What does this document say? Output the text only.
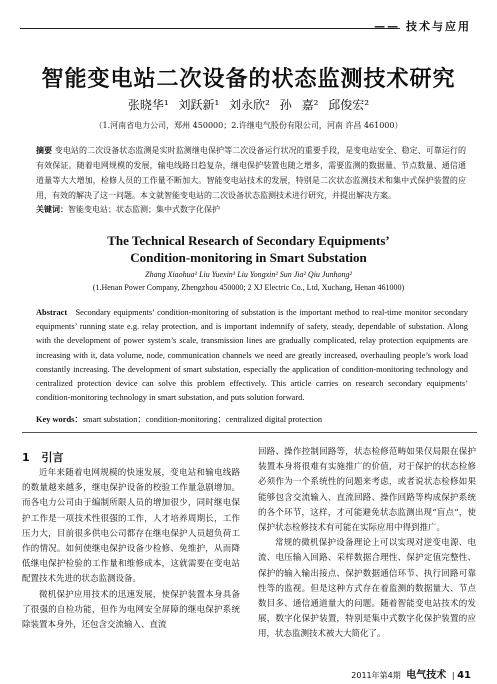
—— 技术与应用
智能变电站二次设备的状态监测技术研究
张晓华¹ 刘跃新¹ 刘永欣² 孙 嘉² 邱俊宏²
（1.河南省电力公司，郑州 450000；2.许继电气股份有限公司，河南 许昌 461000）
摘要 变电站的二次设备状态监测是实时监测继电保护等二次设备运行状况的重要手段，是变电站安全、稳定、可靠运行的有效保证。随着电网规模的发展，输电线路日趋复杂，继电保护装置也随之增多，需要监测的数据量、节点数量、通信通道量等大大增加，检修人员的工作量不断加大。智能变电站技术的发展，特别是二次状态监测技术和集中式保护装置的应用，有效的解决了这一问题。本文就智能变电站的二次设备状态监测技术进行研究，并提出解决方案。
关键词：智能变电站；状态监测；集中式数字化保护
The Technical Research of Secondary Equipments’
Condition-monitoring in Smart Substation
Zhang Xiaohua¹ Liu Yuexin¹ Liu Yongxin² Sun Jia² Qiu Junhong²
(1.Henan Power Company, Zhengzhou 450000; 2 XJ Electric Co., Ltd, Xuchang, Henan 461000)
Abstract Secondary equipments’ condition-monitoring of substation is the important method to real-time monitor secondary equipments’ running state e.g. relay protection, and is important indemnify of safety, steady, dependable of substation. Along with the development of power system’s scale, transmission lines are gradually complicated, relay protection equipments are increasing with it, data volume, node, communication channels we need are greatly increased, overhauling people’s work load constantly increasing. The development of smart substation, especially the application of condition-monitoring technology and centralized protection device can solve this problem effectively. This article carries on research secondary equipments’ condition-monitoring technology in smart substation, and puts solution forward.
Key words：smart substation；condition-monitoring；centralized digital protection
1 引言
近年来随着电网规模的快速发展，变电站和输电线路的数量越来越多，继电保护设备的校验工作量急剧增加。而各电力公司由于编制所限人员的增加很少，同时继电保护工作是一项技术性很强的工作，人才培养周期长，工作压力大，目前很多供电公司都存在继电保护人员超负荷工作的情况。如何使继电保护设备少检修、免维护，从而降低继电保护检验的工作量和维修成本，这就需要在变电站配置技术先进的状态监测设备。
微机保护应用技术的迅速发展，使保护装置本身具备了很强的自检功能，但作为电网安全屏障的继电保护系统除装置本身外，还包含交流输入、直流
回路、操作控制回路等，状态检修范畴如果仅局限在保护装置本身将很难有实施推广的价值，对于保护的状态检修必须作为一个系统性的问题来考虑，或者说状态检修如果能够包含交流输入、直流回路、操作回路等构成保护系统的各个环节，这样，才可能避免状态监测出现“盲点”，使保护状态检修技术有可能在实际应用中得到推广。
常规的微机保护设备理论上可以实现对逆变电源、电流、电压输入回路、采样数据合理性、保护定值完整性、保护的输入输出接点、保护数据通信环节、执行回路可靠性等的监视。但是这种方式存在着监测的数据量大、节点数目多、通信通道量大的问题。随着智能变电站技术的发展，数字化保护装置，特别是集中式数字化保护装置的应用，状态监测技术被大大简化了。
2011年第4期 电气技术 | 41
